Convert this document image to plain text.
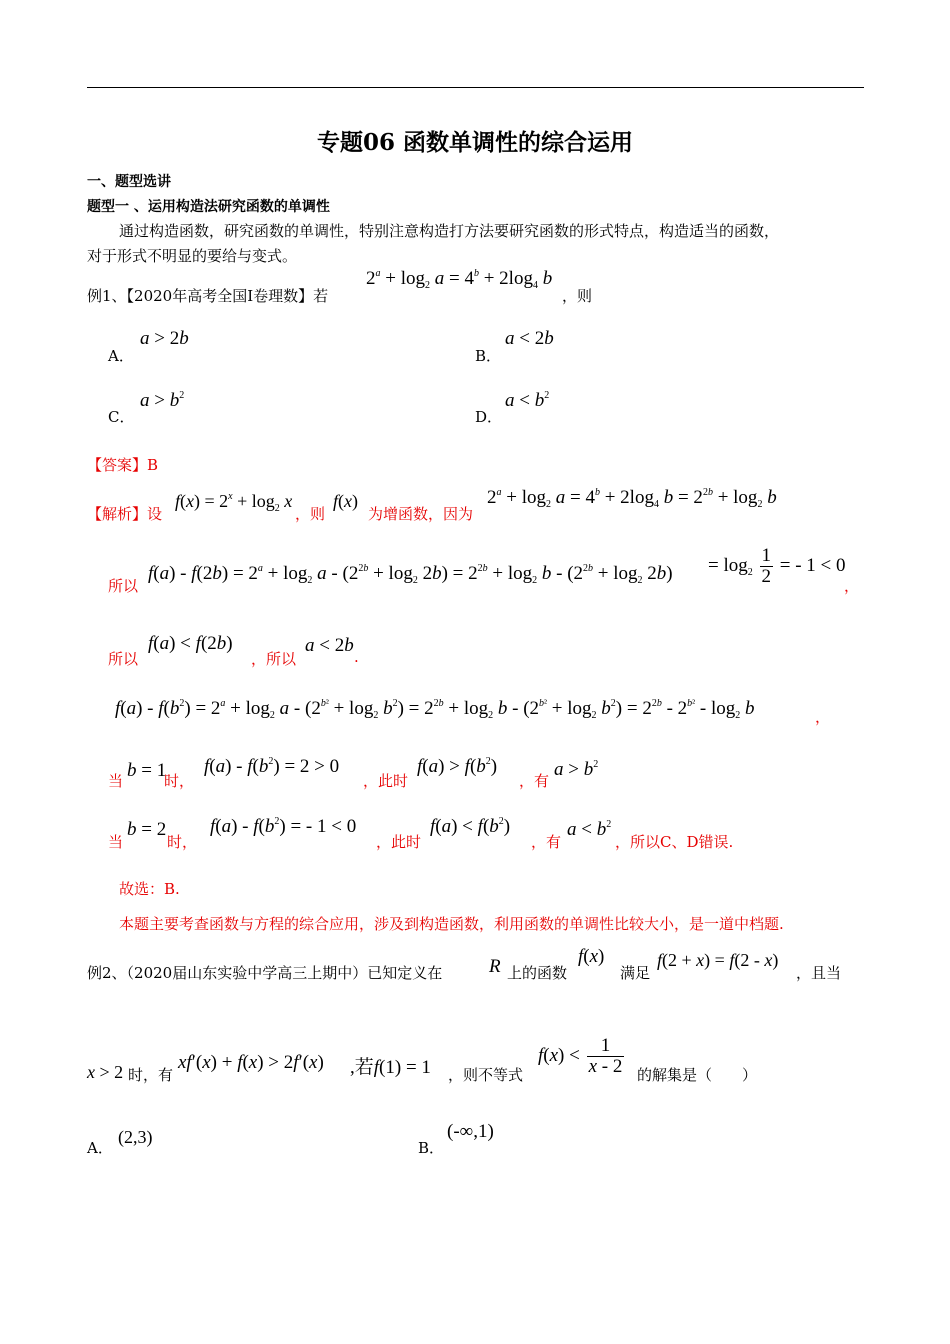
专题06 函数单调性的综合运用
一、题型选讲
题型一 、运用构造法研究函数的单调性
通过构造函数，研究函数的单调性，特别注意构造打方法要研究函数的形式特点，构造适当的函数，
对于形式不明显的要给与变式。
例1、【2020年高考全国I卷理数】若
$2^a + \log_2 a = 4^b + 2\log_4$ b
，则
A．
a > 2b
B．
a < 2b
C．
$a > b^2$
D．
$a < b^2$
【答案】B
【解析】设
$f(x) = 2^x + \log_2 x$
，则
f(x)
为增函数，因为
$2^a + \log_2 a = 4^b + 2\log_4$ $b = 2^{2b} + \log_2 b$
所以
$f(a) - f(2b) = 2^a + \log_2 a - (2^{2b} + \log_2 2b) = 2^{2b} + \log_2 b - (2^{2b} + \log_2 2b) = \log_2 \frac{1}{2}$ = - 1 < 0
，
所以
f(a) < f(2b)
，所以
a < 2b
.
$f(a) - f(b^2) = 2^a + \log_2 a - (2^{b^2} + \log_2 b^2) = 2^{2b} + \log_2 b - (2^{b^2} + \log_2 b^2) = 2^{2b} - 2^{b^2} - \log_2 b$	，
当 b = 1
时，
$f(a) - f(b^2) = 2 > 0$
，此时
$f(a) > f(b^2)$
，有
$a > b^2$
当
b = 2
时，
$f(a) - f(b^2)$ = - 1 < 0
，此时
$f(a) < f(b^2)$
，有
$a < b^2$
，所以C、D错误.
故选：B.
本题主要考查函数与方程的综合应用，涉及到构造函数，利用函数的单调性比较大小，是一道中档题.
例2、（2020届山东实验中学高三上期中）已知定义在 R 上的函数
f(x)
满足
f(2 + x) = f(2 - x)
，且当
x > 2 时，有
xf′(x) + f(x) > 2f′(x) ,若f(1) = 1 ，则不等式
$f(x) < \frac{1}{x - 2}$ 的解集是（　　）
A．
(2,3)
B．
(-∞,1)
